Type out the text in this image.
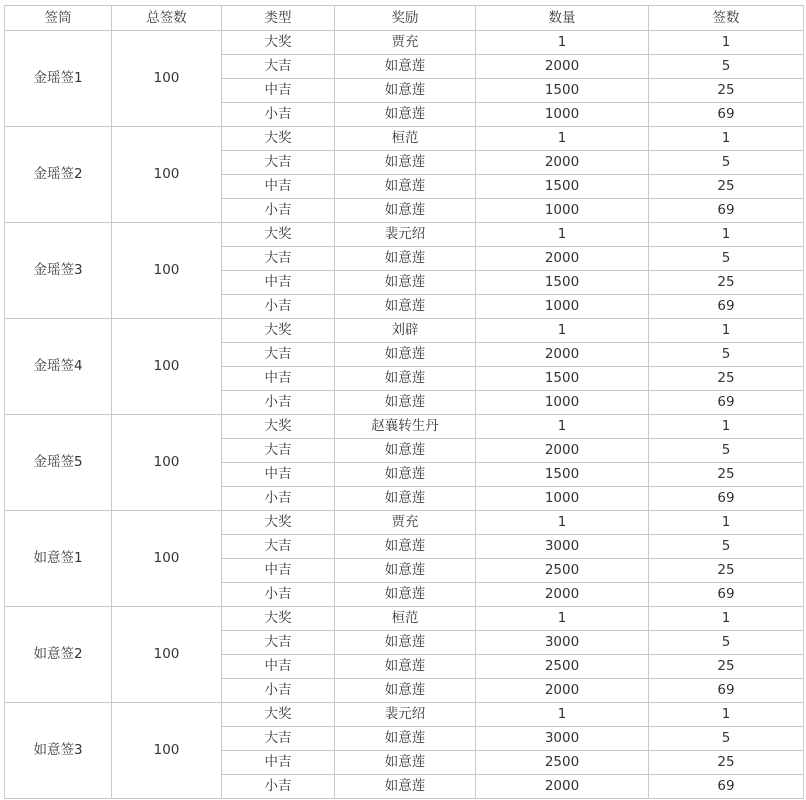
签筒	总签数	类型	奖励	数量	签数
金瑶签1	100	大奖	贾充	1	1
		大吉	如意莲	2000	5
		中吉	如意莲	1500	25
		小吉	如意莲	1000	69
金瑶签2	100	大奖	桓范	1	1
		大吉	如意莲	2000	5
		中吉	如意莲	1500	25
		小吉	如意莲	1000	69
金瑶签3	100	大奖	裴元绍	1	1
		大吉	如意莲	2000	5
		中吉	如意莲	1500	25
		小吉	如意莲	1000	69
金瑶签4	100	大奖	刘辟	1	1
		大吉	如意莲	2000	5
		中吉	如意莲	1500	25
		小吉	如意莲	1000	69
金瑶签5	100	大奖	赵襄转生丹	1	1
		大吉	如意莲	2000	5
		中吉	如意莲	1500	25
		小吉	如意莲	1000	69
如意签1	100	大奖	贾充	1	1
		大吉	如意莲	3000	5
		中吉	如意莲	2500	25
		小吉	如意莲	2000	69
如意签2	100	大奖	桓范	1	1
		大吉	如意莲	3000	5
		中吉	如意莲	2500	25
		小吉	如意莲	2000	69
如意签3	100	大奖	裴元绍	1	1
		大吉	如意莲	3000	5
		中吉	如意莲	2500	25
		小吉	如意莲	2000	69
